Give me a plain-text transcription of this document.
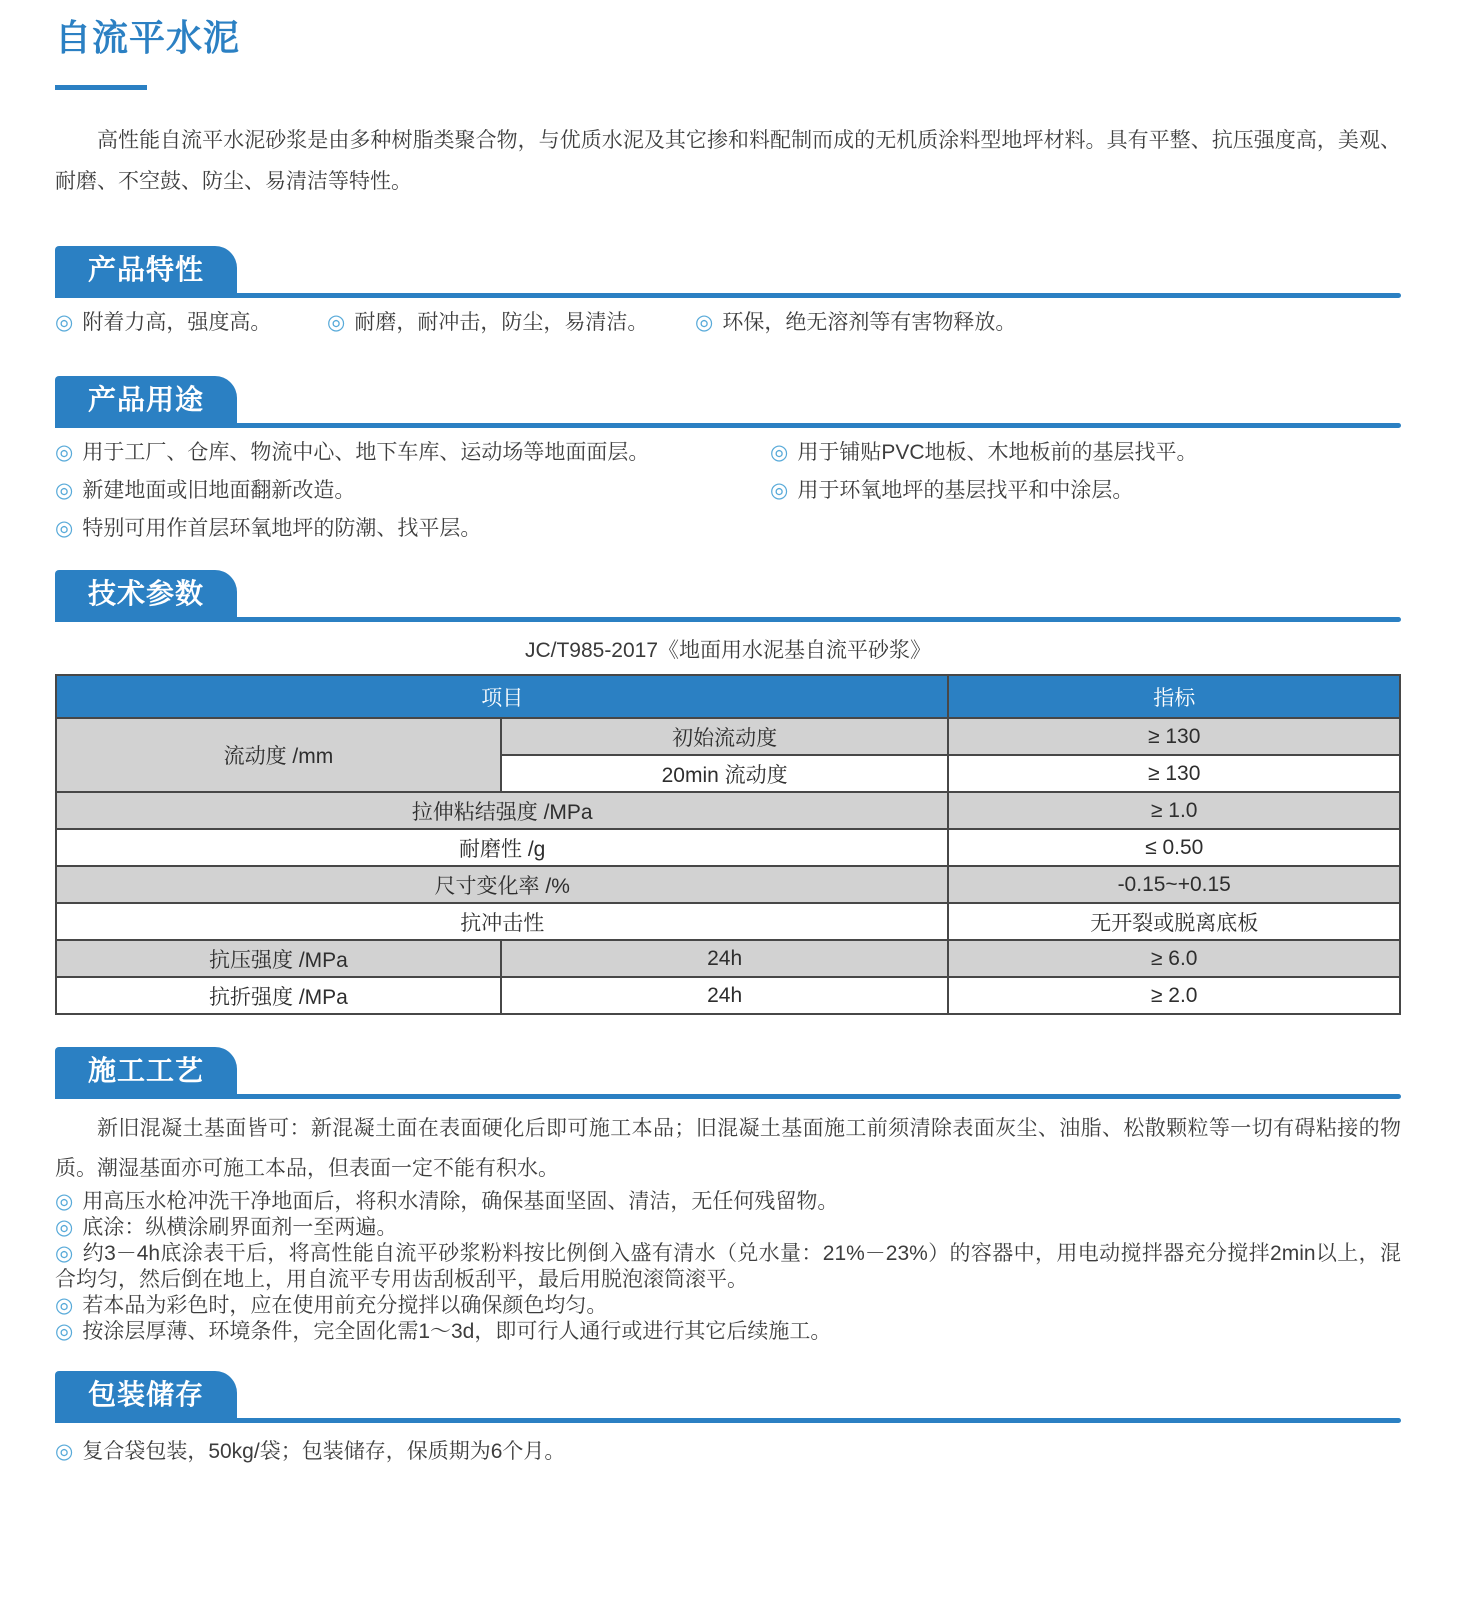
自流平水泥

高性能自流平水泥砂浆是由多种树脂类聚合物，与优质水泥及其它掺和料配制而成的无机质涂料型地坪材料。具有平整、抗压强度高，美观、耐磨、不空鼓、防尘、易清洁等特性。

产品特性

◎ 附着力高，强度高。	◎ 耐磨，耐冲击，防尘，易清洁。	◎ 环保，绝无溶剂等有害物释放。

产品用途

◎ 用于工厂、仓库、物流中心、地下车库、运动场等地面面层。

◎ 新建地面或旧地面翻新改造。

◎ 特别可用作首层环氧地坪的防潮、找平层。

◎ 用于铺贴PVC地板、木地板前的基层找平。

◎ 用于环氧地坪的基层找平和中涂层。

技术参数
JC/T985-2017《地面用水泥基自流平砂浆》
项目		指标
流动度 /mm	初始流动度	≥ 130
	20min 流动度	≥ 130
拉伸粘结强度 /MPa		≥ 1.0
耐磨性 /g		≤ 0.50
尺寸变化率 /%		-0.15~+0.15
抗冲击性		无开裂或脱离底板
抗压强度 /MPa	24h	≥ 6.0
抗折强度 /MPa	24h	≥ 2.0
施工工艺

新旧混凝土基面皆可：新混凝土面在表面硬化后即可施工本品；旧混凝土基面施工前须清除表面灰尘、油脂、松散颗粒等一切有碍粘接的物质。潮湿基面亦可施工本品，但表面一定不能有积水。

◎ 用高压水枪冲洗干净地面后，将积水清除，确保基面坚固、清洁，无任何残留物。

◎ 底涂：纵横涂刷界面剂一至两遍。

◎ 约3－4h底涂表干后，将高性能自流平砂浆粉料按比例倒入盛有清水（兑水量：21%－23%）的容器中，用电动搅拌器充分搅拌2min以上，混合均匀，然后倒在地上，用自流平专用齿刮板刮平，最后用脱泡滚筒滚平。

◎ 若本品为彩色时，应在使用前充分搅拌以确保颜色均匀。

◎ 按涂层厚薄、环境条件，完全固化需1～3d，即可行人通行或进行其它后续施工。

包装储存

◎ 复合袋包装，50kg/袋；包装储存，保质期为6个月。
